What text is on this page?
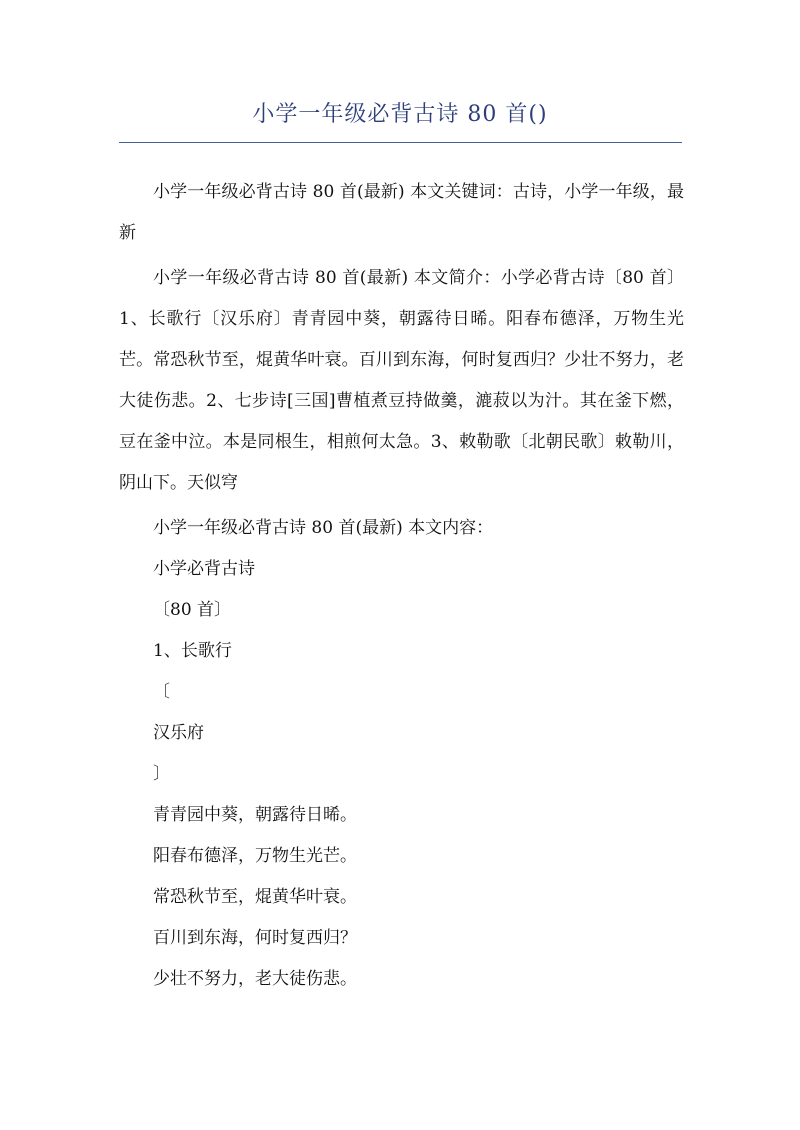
小学一年级必背古诗 80 首()

小学一年级必背古诗 80 首(最新) 本文关键词：古诗，小学一年级，最新

小学一年级必背古诗 80 首(最新) 本文简介：小学必背古诗〔80 首〕1、长歌行〔汉乐府〕青青园中葵，朝露待日晞。阳春布德泽，万物生光芒。常恐秋节至，焜黄华叶衰。百川到东海，何时复西归？少壮不努力，老大徒伤悲。2、七步诗[三国]曹植煮豆持做羹，漉菽以为汁。其在釜下燃，豆在釜中泣。本是同根生，相煎何太急。3、敕勒歌〔北朝民歌〕敕勒川，阴山下。天似穹

小学一年级必背古诗 80 首(最新) 本文内容：

小学必背古诗

〔80 首〕

1、长歌行

〔

汉乐府

〕

青青园中葵，朝露待日晞。

阳春布德泽，万物生光芒。

常恐秋节至，焜黄华叶衰。

百川到东海，何时复西归？

少壮不努力，老大徒伤悲。
